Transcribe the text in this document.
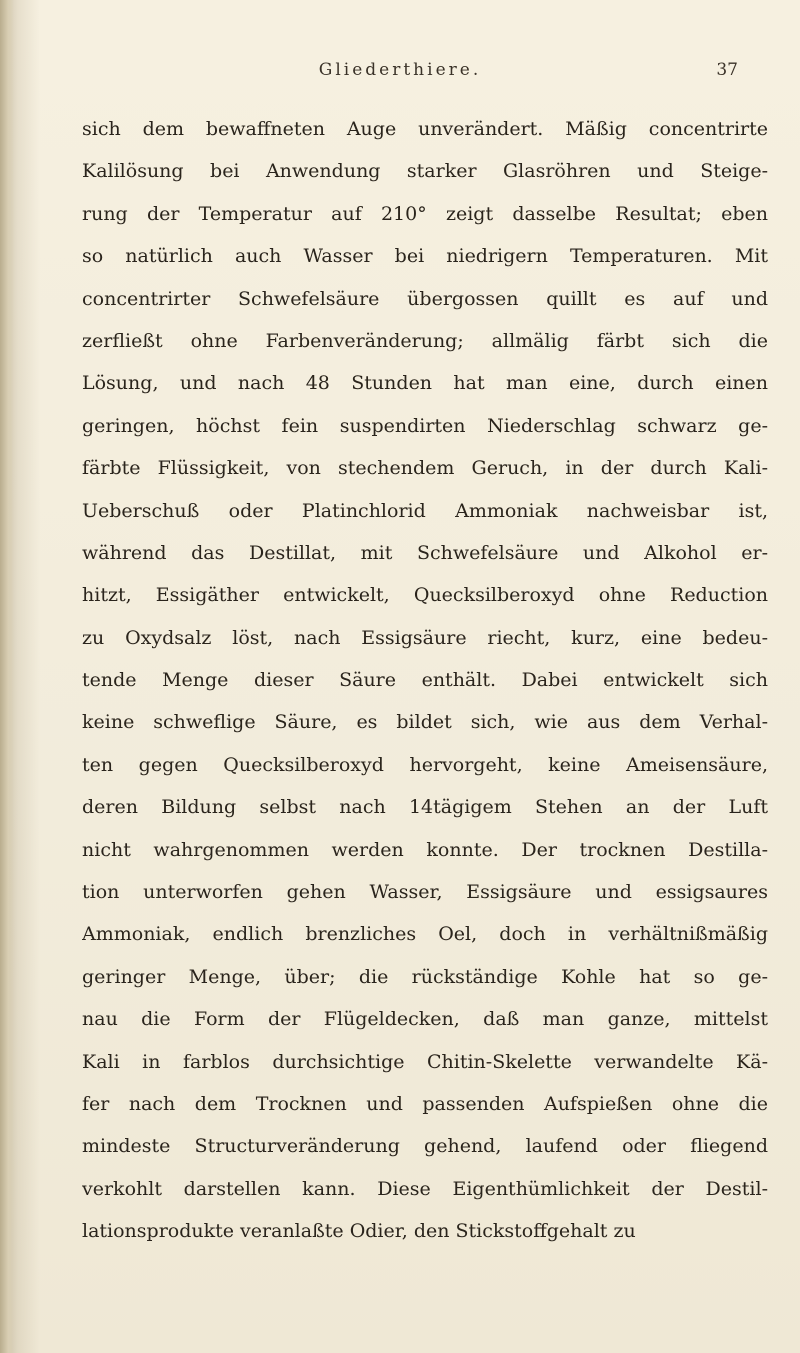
Gliederthiere.	37
sich dem bewaffneten Auge unverändert. Mäßig concentrirte
Kalilösung bei Anwendung starker Glasröhren und Steige-
rung der Temperatur auf 210° zeigt dasselbe Resultat; eben
so natürlich auch Wasser bei niedrigern Temperaturen. Mit
concentrirter Schwefelsäure übergossen quillt es auf und
zerfließt ohne Farbenveränderung; allmälig färbt sich die
Lösung, und nach 48 Stunden hat man eine, durch einen
geringen, höchst fein suspendirten Niederschlag schwarz ge-
färbte Flüssigkeit, von stechendem Geruch, in der durch Kali-
Ueberschuß oder Platinchlorid Ammoniak nachweisbar ist,
während das Destillat, mit Schwefelsäure und Alkohol er-
hitzt, Essigäther entwickelt, Quecksilberoxyd ohne Reduction
zu Oxydsalz löst, nach Essigsäure riecht, kurz, eine bedeu-
tende Menge dieser Säure enthält. Dabei entwickelt sich
keine schweflige Säure, es bildet sich, wie aus dem Verhal-
ten gegen Quecksilberoxyd hervorgeht, keine Ameisensäure,
deren Bildung selbst nach 14tägigem Stehen an der Luft
nicht wahrgenommen werden konnte. Der trocknen Destilla-
tion unterworfen gehen Wasser, Essigsäure und essigsaures
Ammoniak, endlich brenzliches Oel, doch in verhältnißmäßig
geringer Menge, über; die rückständige Kohle hat so ge-
nau die Form der Flügeldecken, daß man ganze, mittelst
Kali in farblos durchsichtige Chitin-Skelette verwandelte Kä-
fer nach dem Trocknen und passenden Aufspießen ohne die
mindeste Structurveränderung gehend, laufend oder fliegend
verkohlt darstellen kann. Diese Eigenthümlichkeit der Destil-
lationsprodukte veranlaßte Odier, den Stickstoffgehalt zu
